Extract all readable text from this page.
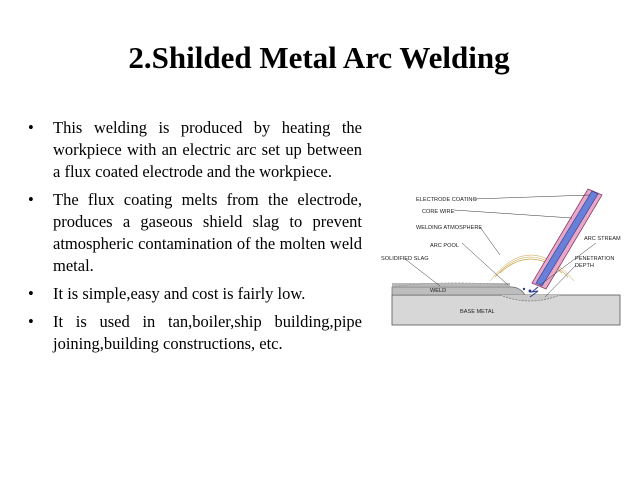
2.Shilded Metal Arc Welding
• This welding is produced by heating the workpiece with an electric arc set up between a flux coated electrode and the workpiece.
• The flux coating melts from the electrode, produces a gaseous shield slag to prevent atmospheric contamination of the molten weld metal.
• It is simple,easy and cost is fairly low.
• It is used in tan,boiler,ship building,pipe joining,building constructions, etc.
ELECTRODE COATING
CORE WIRE
WELDING ATMOSPHERE
ARC POOL
SOLIDIFIED SLAG
ARC STREAM
PENETRATION
DEPTH
WELD
BASE METAL
